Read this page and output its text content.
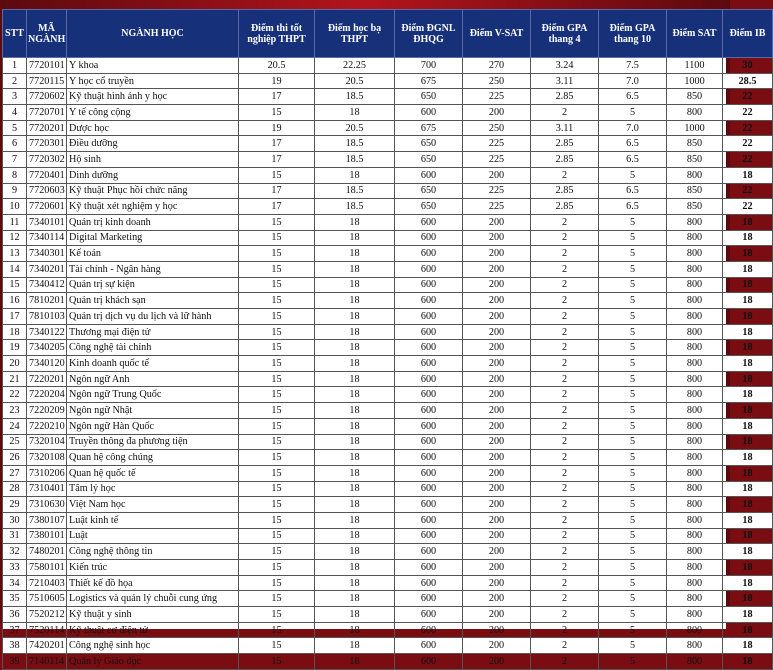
STT	MÃ NGÀNH	NGÀNH HỌC	Điểm thi tốt nghiệp THPT	Điểm học bạ THPT	Điểm ĐGNL ĐHQG	Điểm V-SAT	Điểm GPA thang 4	Điểm GPA thang 10	Điểm SAT	Điểm IB
1	7720101	Y khoa	20.5	22.25	700	270	3.24	7.5	1100	30
2	7720115	Y học cổ truyền	19	20.5	675	250	3.11	7.0	1000	28.5
3	7720602	Kỹ thuật hình ảnh y học	17	18.5	650	225	2.85	6.5	850	22
4	7720701	Y tế công cộng	15	18	600	200	2	5	800	22
5	7720201	Dược học	19	20.5	675	250	3.11	7.0	1000	22
6	7720301	Điều dưỡng	17	18.5	650	225	2.85	6.5	850	22
7	7720302	Hộ sinh	17	18.5	650	225	2.85	6.5	850	22
8	7720401	Dinh dưỡng	15	18	600	200	2	5	800	18
9	7720603	Kỹ thuật Phục hồi chức năng	17	18.5	650	225	2.85	6.5	850	22
10	7720601	Kỹ thuật xét nghiệm y học	17	18.5	650	225	2.85	6.5	850	22
11	7340101	Quản trị kinh doanh	15	18	600	200	2	5	800	18
12	7340114	Digital Marketing	15	18	600	200	2	5	800	18
13	7340301	Kế toán	15	18	600	200	2	5	800	18
14	7340201	Tài chính - Ngân hàng	15	18	600	200	2	5	800	18
15	7340412	Quản trị sự kiện	15	18	600	200	2	5	800	18
16	7810201	Quản trị khách sạn	15	18	600	200	2	5	800	18
17	7810103	Quản trị dịch vụ du lịch và lữ hành	15	18	600	200	2	5	800	18
18	7340122	Thương mại điện tử	15	18	600	200	2	5	800	18
19	7340205	Công nghệ tài chính	15	18	600	200	2	5	800	18
20	7340120	Kinh doanh quốc tế	15	18	600	200	2	5	800	18
21	7220201	Ngôn ngữ Anh	15	18	600	200	2	5	800	18
22	7220204	Ngôn ngữ Trung Quốc	15	18	600	200	2	5	800	18
23	7220209	Ngôn ngữ Nhật	15	18	600	200	2	5	800	18
24	7220210	Ngôn ngữ Hàn Quốc	15	18	600	200	2	5	800	18
25	7320104	Truyền thông đa phương tiện	15	18	600	200	2	5	800	18
26	7320108	Quan hệ công chúng	15	18	600	200	2	5	800	18
27	7310206	Quan hệ quốc tế	15	18	600	200	2	5	800	18
28	7310401	Tâm lý học	15	18	600	200	2	5	800	18
29	7310630	Việt Nam học	15	18	600	200	2	5	800	18
30	7380107	Luật kinh tế	15	18	600	200	2	5	800	18
31	7380101	Luật	15	18	600	200	2	5	800	18
32	7480201	Công nghệ thông tin	15	18	600	200	2	5	800	18
33	7580101	Kiến trúc	15	18	600	200	2	5	800	18
34	7210403	Thiết kế đồ họa	15	18	600	200	2	5	800	18
35	7510605	Logistics và quản lý chuỗi cung ứng	15	18	600	200	2	5	800	18
36	7520212	Kỹ thuật y sinh	15	18	600	200	2	5	800	18
37	7520114	Kỹ thuật cơ điện tử	15	18	600	200	2	5	800	18
38	7420201	Công nghệ sinh học	15	18	600	200	2	5	800	18
39	7140114	Quản lý Giáo dục	15	18	600	200	2	5	800	18
